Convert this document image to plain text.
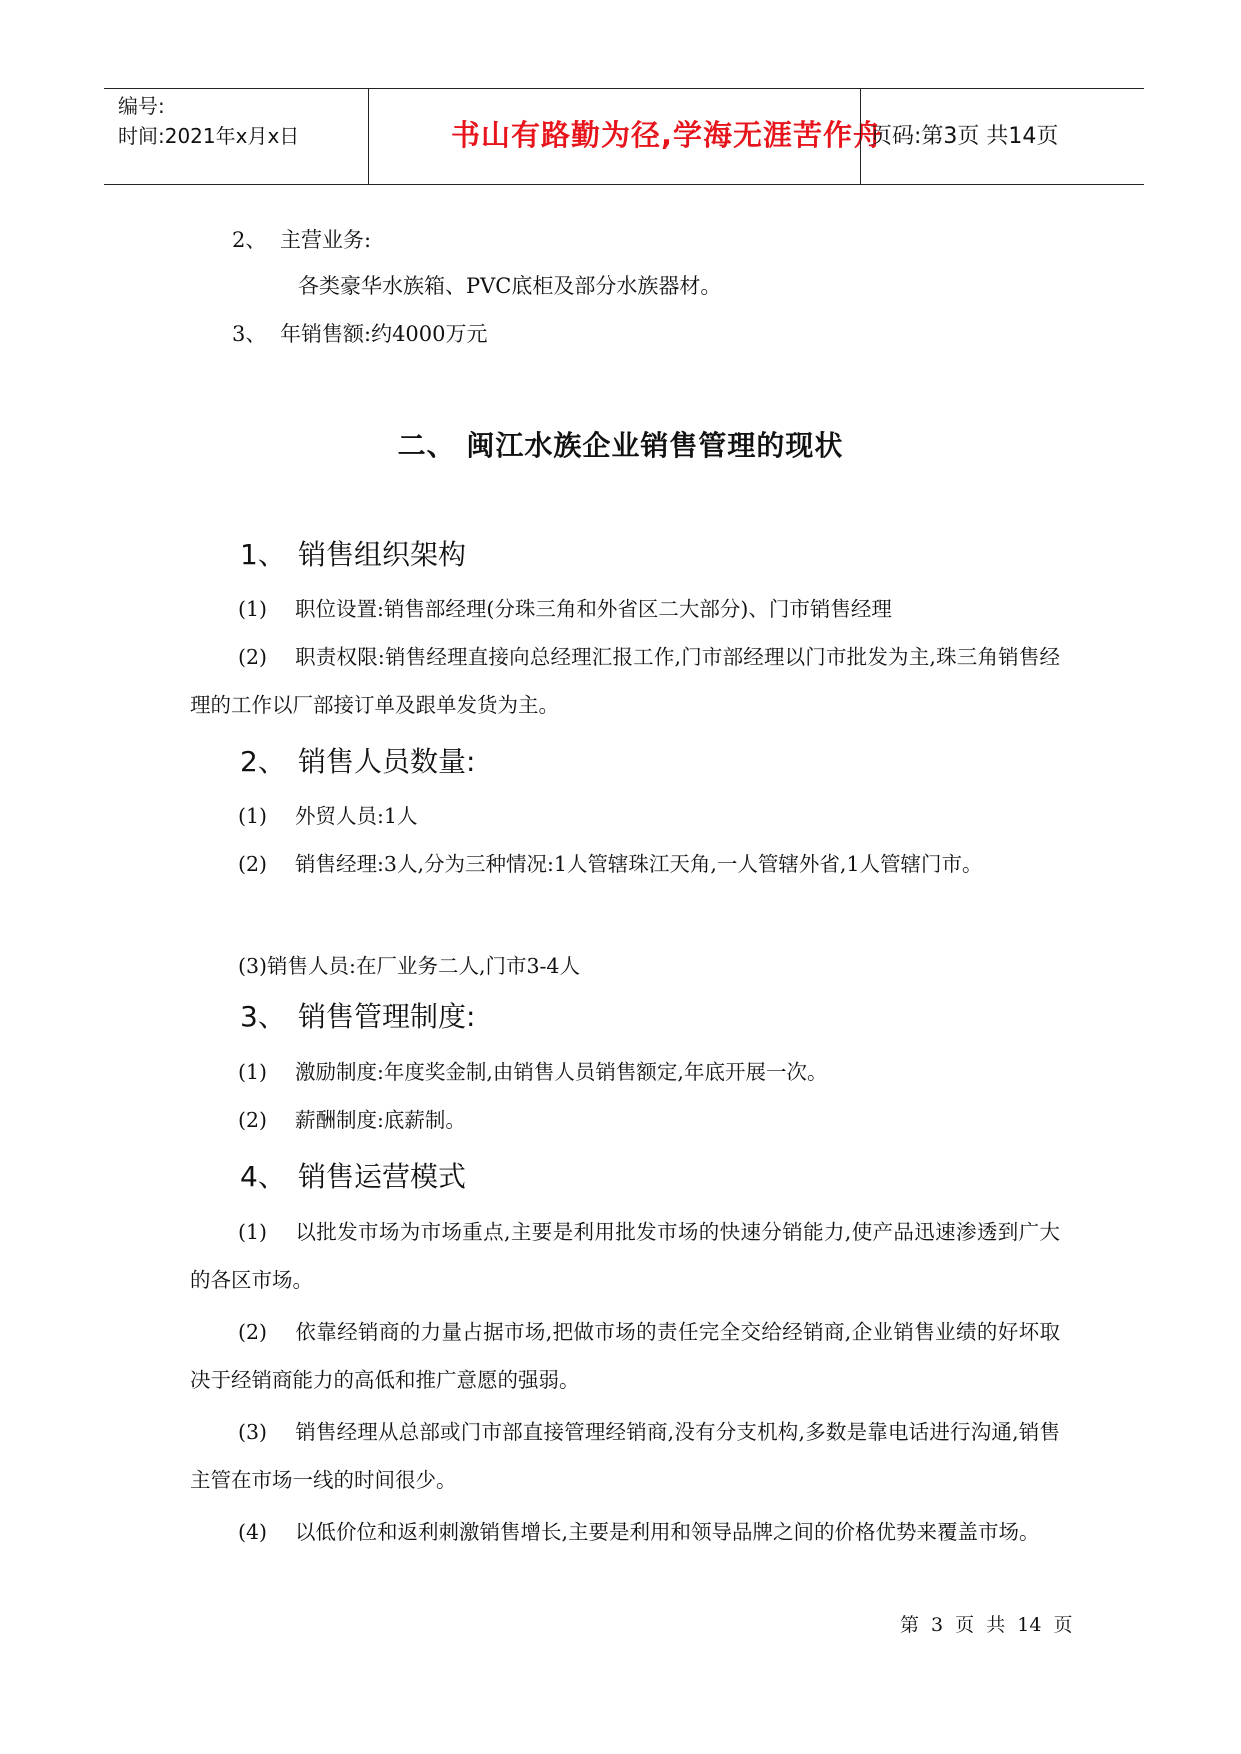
编号:
时间:2021年x月x日	书山有路勤为径,学海无涯苦作舟
页码:第3页 共14页
2、 主营业务:
各类豪华水族箱、PVC底柜及部分水族器材。
3、 年销售额:约4000万元
二、 闽江水族企业销售管理的现状
1、 销售组织架构
(1) 职位设置:销售部经理(分珠三角和外省区二大部分)、门市销售经理
(2) 职责权限:销售经理直接向总经理汇报工作,门市部经理以门市批发为主,珠三角销售经理的工作以厂部接订单及跟单发货为主。
2、 销售人员数量:
(1) 外贸人员:1人
(2) 销售经理:3人,分为三种情况:1人管辖珠江天角,一人管辖外省,1人管辖门市。
(3)销售人员:在厂业务二人,门市3-4人
3、 销售管理制度:
(1) 激励制度:年度奖金制,由销售人员销售额定,年底开展一次。
(2) 薪酬制度:底薪制。
4、 销售运营模式
(1) 以批发市场为市场重点,主要是利用批发市场的快速分销能力,使产品迅速渗透到广大的各区市场。
(2) 依靠经销商的力量占据市场,把做市场的责任完全交给经销商,企业销售业绩的好坏取决于经销商能力的高低和推广意愿的强弱。
(3) 销售经理从总部或门市部直接管理经销商,没有分支机构,多数是靠电话进行沟通,销售主管在市场一线的时间很少。
(4) 以低价位和返利刺激销售增长,主要是利用和领导品牌之间的价格优势来覆盖市场。
第 3 页 共 14 页
